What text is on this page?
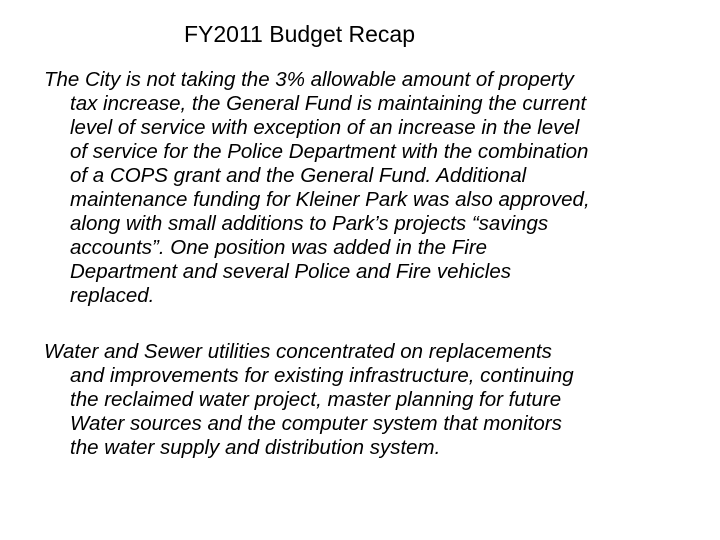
FY2011 Budget Recap
The City is not taking the 3% allowable amount of property
tax increase, the General Fund is maintaining the current
level of service with exception of an increase in the level
of service for the Police Department with the combination
of a COPS grant and the General Fund. Additional
maintenance funding for Kleiner Park was also approved,
along with small additions to Park’s projects “savings
accounts”. One position was added in the Fire
Department and several Police and Fire vehicles
replaced.
Water and Sewer utilities concentrated on replacements
and improvements for existing infrastructure, continuing
the reclaimed water project, master planning for future
Water sources and the computer system that monitors
the water supply and distribution system.
